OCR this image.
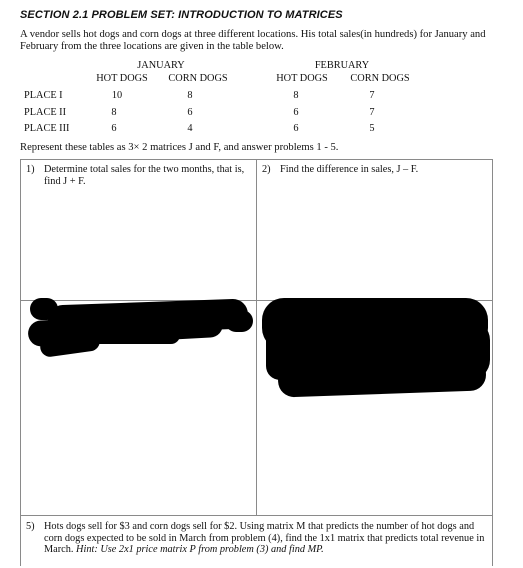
SECTION 2.1 PROBLEM SET: INTRODUCTION TO MATRICES
A vendor sells hot dogs and corn dogs at three different locations. His total sales(in hundreds) for January and February from the three locations are given in the table below.
JANUARY	FEBRUARY
HOT DOGS CORN DOGS	HOT DOGS CORN DOGS
PLACE I	10	8	8	7
PLACE II	8	6	6	7
PLACE III	6	4	6	5
Represent these tables as 3× 2 matrices J and F, and answer problems 1 - 5.
1) Determine total sales for the two months, that is, find J + F.
2) Find the difference in sales, J – F.
5) Hots dogs sell for $3 and corn dogs sell for $2. Using matrix M that predicts the number of hot dogs and corn dogs expected to be sold in March from problem (4), find the 1x1 matrix that predicts total revenue in March. Hint: Use 2x1 price matrix P from problem (3) and find MP.
